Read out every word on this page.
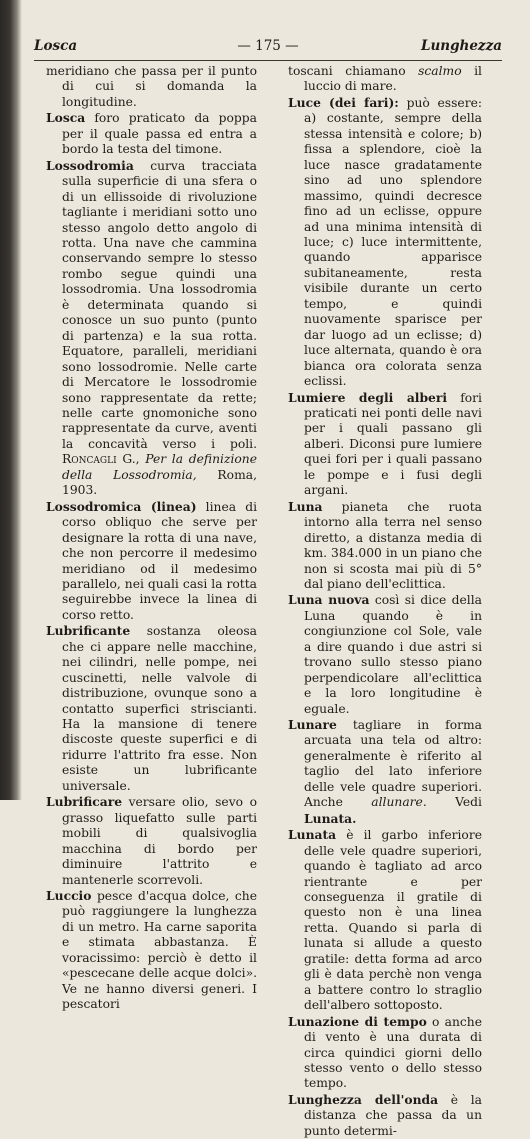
Losca	— 175 —	Lunghezza

meridiano che passa per il punto di cui si domanda la longitudine.

Losca foro praticato da poppa per il quale passa ed entra a bordo la testa del timone.

Lossodromia curva tracciata sulla superficie di una sfera o di un ellissoide di rivoluzione tagliante i meridiani sotto uno stesso angolo detto angolo di rotta. Una nave che cammina conservando sempre lo stesso rombo segue quindi una lossodromia. Una lossodromia è determinata quando si conosce un suo punto (punto di partenza) e la sua rotta. Equatore, paralleli, meridiani sono lossodromie. Nelle carte di Mercatore le lossodromie sono rappresentate da rette; nelle carte gnomoniche sono rappresentate da curve, aventi la concavità verso i poli. Roncagli G., Per la definizione della Lossodromia, Roma, 1903.

Lossodromica (linea) linea di corso obliquo che serve per designare la rotta di una nave, che non percorre il medesimo meridiano od il medesimo parallelo, nei quali casi la rotta seguirebbe invece la linea di corso retto.

Lubrificante sostanza oleosa che ci appare nelle macchine, nei cilindri, nelle pompe, nei cuscinetti, nelle valvole di distribuzione, ovunque sono a contatto superfici striscianti. Ha la mansione di tenere discoste queste superfici e di ridurre l'attrito fra esse. Non esiste un lubrificante universale.

Lubrificare versare olio, sevo o grasso liquefatto sulle parti mobili di qualsivoglia macchina di bordo per diminuire l'attrito e mantenerle scorrevoli.

Luccio pesce d'acqua dolce, che può raggiungere la lunghezza di un metro. Ha carne saporita e stimata abbastanza. È voracissimo: perciò è detto il «pescecane delle acque dolci». Ve ne hanno diversi generi. I pescatori

toscani chiamano scalmo il luccio di mare.

Luce (dei fari): può essere: a) costante, sempre della stessa intensità e colore; b) fissa a splendore, cioè la luce nasce gradatamente sino ad uno splendore massimo, quindi decresce fino ad un eclisse, oppure ad una minima intensità di luce; c) luce intermittente, quando apparisce subitaneamente, resta visibile durante un certo tempo, e quindi nuovamente sparisce per dar luogo ad un eclisse; d) luce alternata, quando è ora bianca ora colorata senza eclissi.

Lumiere degli alberi fori praticati nei ponti delle navi per i quali passano gli alberi. Diconsi pure lumiere quei fori per i quali passano le pompe e i fusi degli argani.

Luna pianeta che ruota intorno alla terra nel senso diretto, a distanza media di km. 384.000 in un piano che non si scosta mai più di 5° dal piano dell'eclittica.

Luna nuova così si dice della Luna quando è in congiunzione col Sole, vale a dire quando i due astri si trovano sullo stesso piano perpendicolare all'eclittica e la loro longitudine è eguale.

Lunare tagliare in forma arcuata una tela od altro: generalmente è riferito al taglio del lato inferiore delle vele quadre superiori. Anche allunare. Vedi Lunata.

Lunata è il garbo inferiore delle vele quadre superiori, quando è tagliato ad arco rientrante e per conseguenza il gratile di questo non è una linea retta. Quando si parla di lunata si allude a questo gratile: detta forma ad arco gli è data perchè non venga a battere contro lo straglio dell'albero sottoposto.

Lunazione di tempo o anche di vento è una durata di circa quindici giorni dello stesso vento o dello stesso tempo.

Lunghezza dell'onda è la distanza che passa da un punto determi-
